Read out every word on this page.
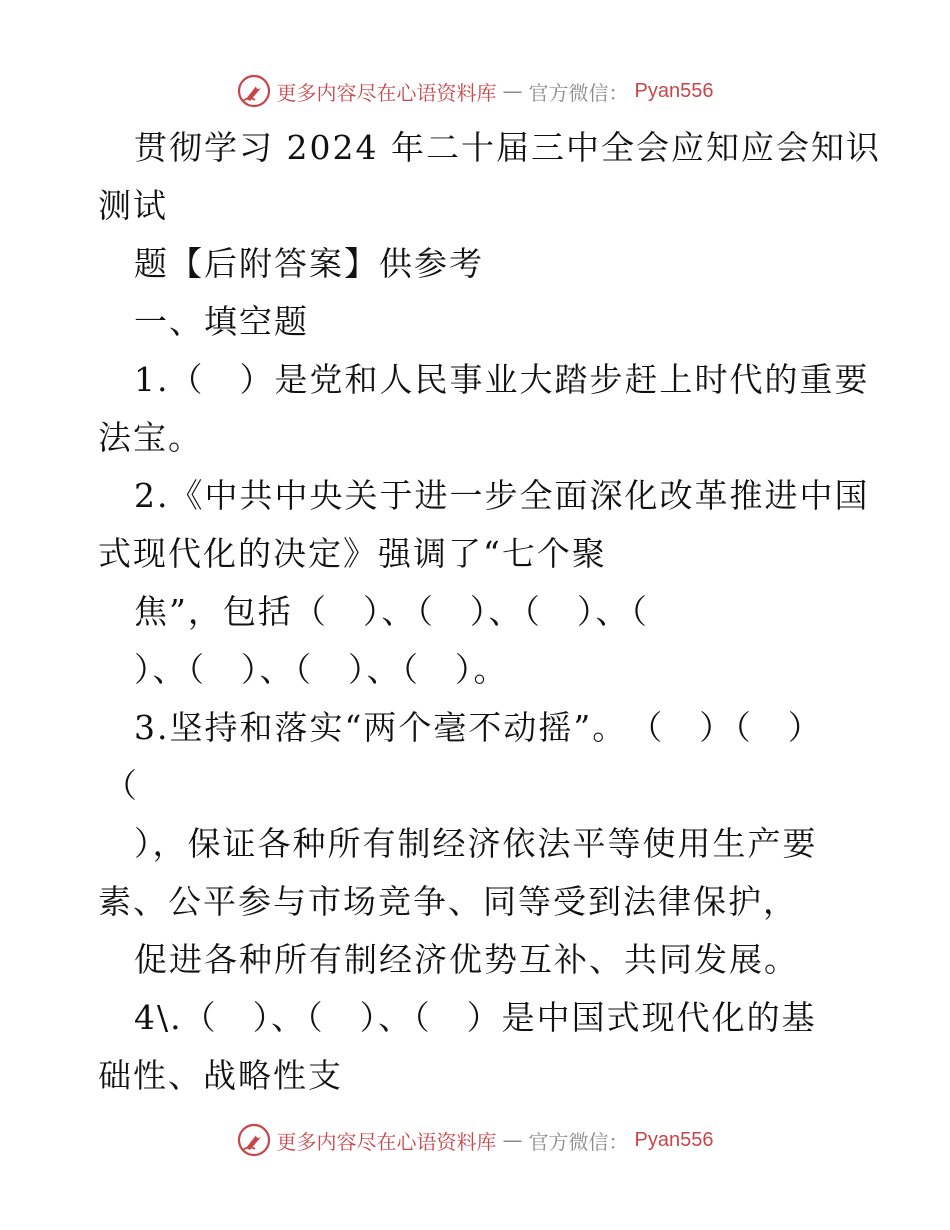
更多内容尽在心语资料库 — 官方微信： Pyan556
贯彻学习 2024 年二十届三中全会应知应会知识
测试
题【后附答案】供参考
一、填空题
1.（　）是党和人民事业大踏步赶上时代的重要
法宝。
2.《中共中央关于进一步全面深化改革推进中国
式现代化的决定》强调了“七个聚
焦”，包括（　）、（　）、（　）、（
）、（　）、（　）、（　）。
3.坚持和落实“两个毫不动摇”。　（　）（　）
（
），保证各种所有制经济依法平等使用生产要
素、公平参与市场竞争、同等受到法律保护，
促进各种所有制经济优势互补、共同发展。
4\.（　）、（　）、（　）是中国式现代化的基
础性、战略性支
更多内容尽在心语资料库 — 官方微信： Pyan556
